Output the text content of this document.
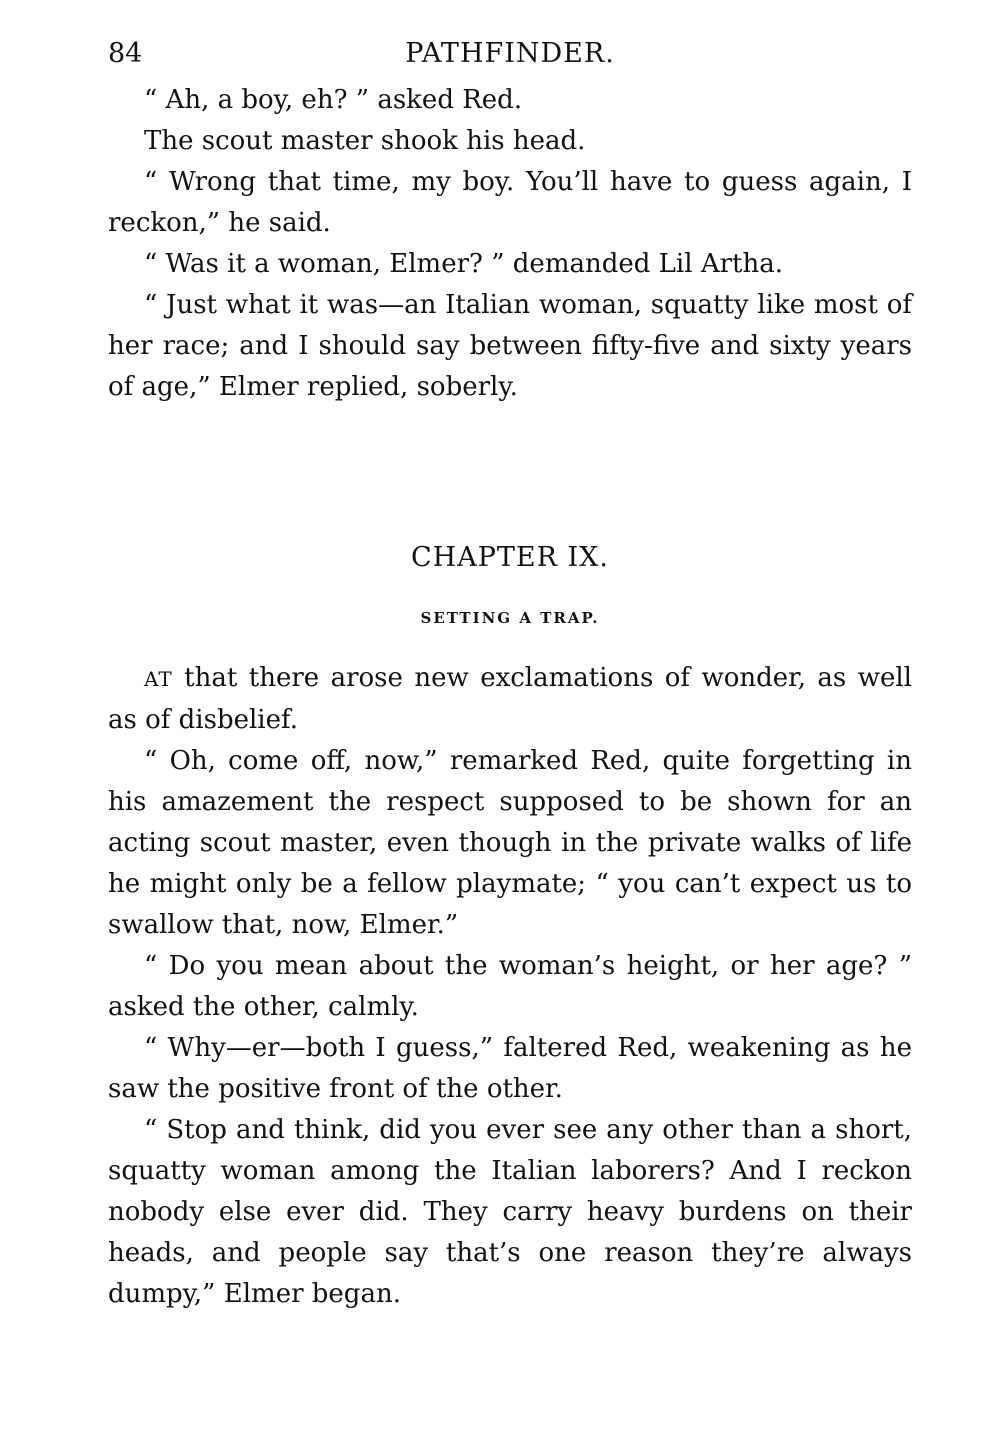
84	PATHFINDER.

“ Ah, a boy, eh? ” asked Red.

The scout master shook his head.

“ Wrong that time, my boy. You’ll have to guess again, I reckon,” he said.

“ Was it a woman, Elmer? ” demanded Lil Artha.

“ Just what it was—an Italian woman, squatty like most of her race; and I should say between fifty-five and sixty years of age,” Elmer replied, soberly.

CHAPTER IX.
SETTING A TRAP.

AT that there arose new exclamations of wonder, as well as of disbelief.

“ Oh, come off, now,” remarked Red, quite forgetting in his amazement the respect supposed to be shown for an acting scout master, even though in the private walks of life he might only be a fellow playmate; “ you can’t expect us to swallow that, now, Elmer.”

“ Do you mean about the woman’s height, or her age? ” asked the other, calmly.

“ Why—er—both I guess,” faltered Red, weakening as he saw the positive front of the other.

“ Stop and think, did you ever see any other than a short, squatty woman among the Italian laborers? And I reckon nobody else ever did. They carry heavy burdens on their heads, and people say that’s one reason they’re always dumpy,” Elmer began.
